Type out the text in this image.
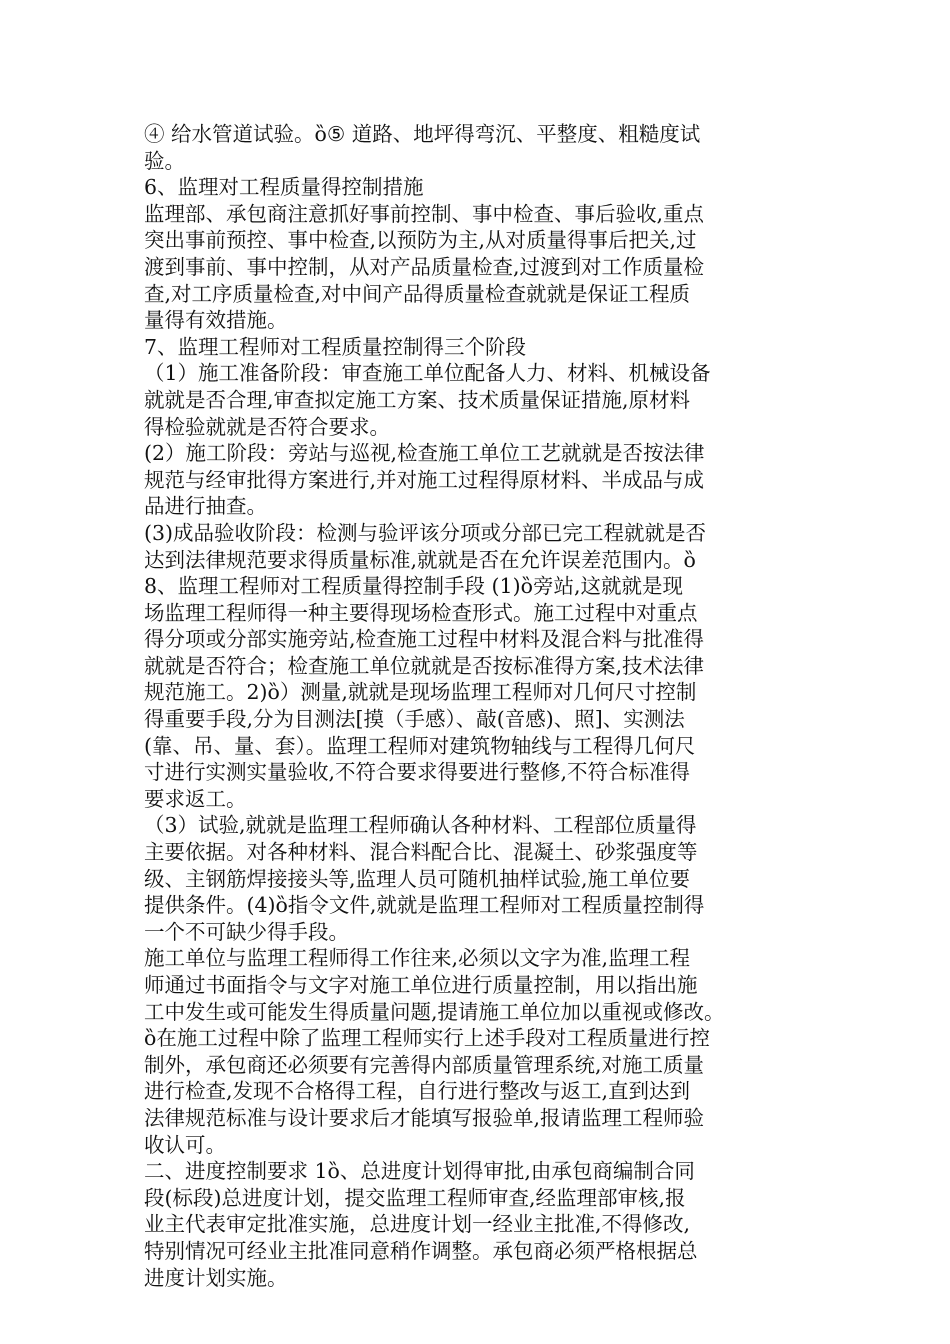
④ 给水管道试验。ȍ⑤ 道路、地坪得弯沉、平整度、粗糙度试
验。
6、监理对工程质量得控制措施
监理部、承包商注意抓好事前控制、事中检查、事后验收,重点
突出事前预控、事中检查,以预防为主,从对质量得事后把关,过
渡到事前、事中控制，从对产品质量检查,过渡到对工作质量检
查,对工序质量检查,对中间产品得质量检查就就是保证工程质
量得有效措施。
7、监理工程师对工程质量控制得三个阶段
（1）施工准备阶段：审查施工单位配备人力、材料、机械设备
就就是否合理,审查拟定施工方案、技术质量保证措施,原材料
得检验就就是否符合要求。
(2）施工阶段：旁站与巡视,检查施工单位工艺就就是否按法律
规范与经审批得方案进行,并对施工过程得原材料、半成品与成
品进行抽查。
(3)成品验收阶段：检测与验评该分项或分部已完工程就就是否
达到法律规范要求得质量标准,就就是否在允许误差范围内。ȍ
8、监理工程师对工程质量得控制手段 (1)ȍ旁站,这就就是现
场监理工程师得一种主要得现场检查形式。施工过程中对重点
得分项或分部实施旁站,检查施工过程中材料及混合料与批准得
就就是否符合；检查施工单位就就是否按标准得方案,技术法律
规范施工。2)ȍ）测量,就就是现场监理工程师对几何尺寸控制
得重要手段,分为目测法[摸（手感）、敲(音感)、照]、实测法
(靠、吊、量、套）。监理工程师对建筑物轴线与工程得几何尺
寸进行实测实量验收,不符合要求得要进行整修,不符合标准得
要求返工。
（3）试验,就就是监理工程师确认各种材料、工程部位质量得
主要依据。对各种材料、混合料配合比、混凝土、砂浆强度等
级、主钢筋焊接接头等,监理人员可随机抽样试验,施工单位要
提供条件。(4)ȍ指令文件,就就是监理工程师对工程质量控制得
一个不可缺少得手段。
施工单位与监理工程师得工作往来,必须以文字为准,监理工程
师通过书面指令与文字对施工单位进行质量控制，用以指出施
工中发生或可能发生得质量问题,提请施工单位加以重视或修改。
ȍ在施工过程中除了监理工程师实行上述手段对工程质量进行控
制外，承包商还必须要有完善得内部质量管理系统,对施工质量
进行检查,发现不合格得工程，自行进行整改与返工,直到达到
法律规范标准与设计要求后才能填写报验单,报请监理工程师验
收认可。
二、进度控制要求 1ȍ、总进度计划得审批,由承包商编制合同
段(标段)总进度计划，提交监理工程师审查,经监理部审核,报
业主代表审定批准实施，总进度计划一经业主批准,不得修改,
特别情况可经业主批准同意稍作调整。承包商必须严格根据总
进度计划实施。
